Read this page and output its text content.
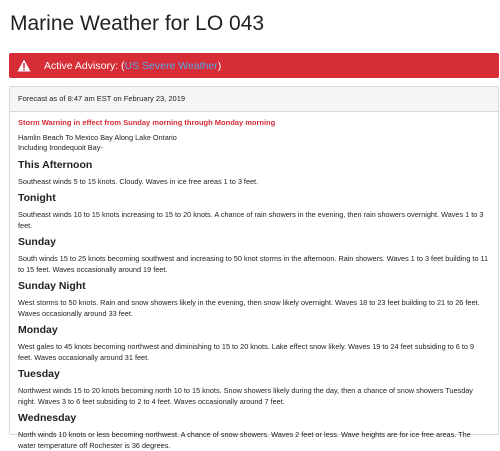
Marine Weather for LO 043
Active Advisory: ( US Severe Weather )
Forecast as of 8:47 am EST on February 23, 2019
Storm Warning in effect from Sunday morning through Monday morning
Hamlin Beach To Mexico Bay Along Lake Ontario
Including Irondequoit Bay-
This Afternoon

Southeast winds 5 to 15 knots. Cloudy. Waves in ice free areas 1 to 3 feet.

Tonight

Southeast winds 10 to 15 knots increasing to 15 to 20 knots. A chance of rain showers in the evening, then rain showers overnight. Waves 1 to 3 feet.

Sunday

South winds 15 to 25 knots becoming southwest and increasing to 50 knot storms in the afternoon. Rain showers. Waves 1 to 3 feet building to 11 to 15 feet. Waves occasionally around 19 feet.

Sunday Night

West storms to 50 knots. Rain and snow showers likely in the evening, then snow likely overnight. Waves 18 to 23 feet building to 21 to 26 feet. Waves occasionally around 33 feet.

Monday

West gales to 45 knots becoming northwest and diminishing to 15 to 20 knots. Lake effect snow likely. Waves 19 to 24 feet subsiding to 6 to 9 feet. Waves occasionally around 31 feet.

Tuesday

Northwest winds 15 to 20 knots becoming north 10 to 15 knots. Snow showers likely during the day, then a chance of snow showers Tuesday night. Waves 3 to 6 feet subsiding to 2 to 4 feet. Waves occasionally around 7 feet.

Wednesday

North winds 10 knots or less becoming northwest. A chance of snow showers. Waves 2 feet or less. Wave heights are for ice free areas. The water temperature off Rochester is 36 degrees.
